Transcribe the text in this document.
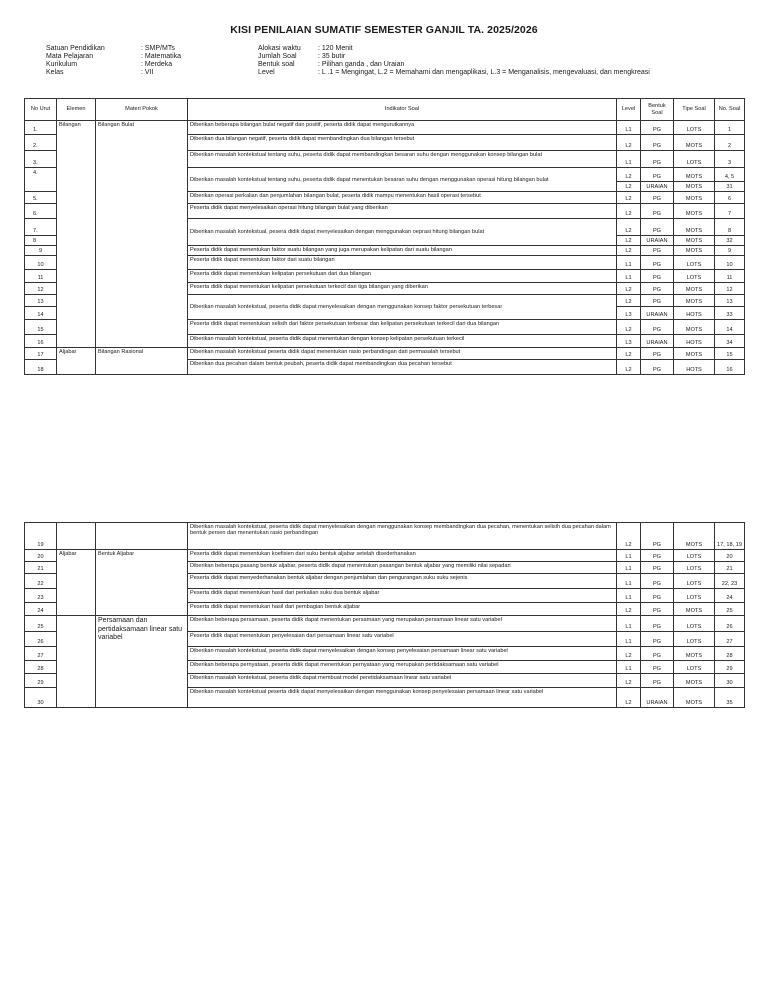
KISI PENILAIAN SUMATIF SEMESTER GANJIL TA. 2025/2026
Satuan Pendidikan	: SMP/MTs
Mata Pelajaran	: Matematika
Kurikulum	: Merdeka
Kelas	: VII
Alokasi waktu	: 120 Menit
Jumlah Soal	: 35 butir
Bentuk soal	: Pilihan ganda , dan Uraian
Level	: L .1 = Mengingat, L.2 = Memahami dan mengaplikasi, L.3 = Menganalisis, mengevaluasi, dan mengkreasi
No Urut	Elemen	Materi Pokok	Indikator Soal	Level	Bentuk Soal	Tipe Soal	No. Soal
1.	Bilangan	Bilangan Bulat	Diberikan beberapa bilangan bulat negatif dan positif, peserta didik dapat mengurutkannya	L1	PG	LOTS	1
2.			Diberikan dua bilangan negatif, peserta didik dapat membandingkan dua bilangan tersebut	L2	PG	MOTS	2
3.			Diberikan masalah kontekstual tentang suhu, peserta didik dapat membandingkan besaran suhu dengan menggunakan konsep bilangan bulat	L1	PG	LOTS	3
4.			Diberikan masalah kontekstual tentang suhu, peserta didik dapat menentukan besaran suhu dengan menggunakan operasi hitung bilangan bulat	L2	PG	MOTS	4, 5
				L2	URAIAN	MOTS	31
5.			Diberikan operasi perkalian dan penjumlahan bilangan bulat, peserta didik mampu menentukan hasil operasi tersebut	L2	PG	MOTS	6
6.			Peserta didik dapat menyelesaikan operasi hitung bilangan bulat yang diberikan	L2	PG	MOTS	7
7.			Diberikan masalah kontekstual, pesera didik dapat menyelesaikan dengan menggunakan oeprasi hitung bilangan bulat	L2	PG	MOTS	8
8				L2	URAIAN	MOTS	32
9			Peserta didik dapat menentukan faktor suatu bilangan yang juga merupakan kelipatan dari suatu bilangan	L2	PG	MOTS	9
10			Peserta didik dapat menentukan faktor dari suatu bilangan	L1	PG	LOTS	10
11			Peserta didik dapat menentukan kelipatan persekutuan dari dua bilangan	L1	PG	LOTS	11
12			Peserta didik dapat menentukan kelipatan persekutuan terkecil dari tiga bilangan yang diberikan	L2	PG	MOTS	12
13			Diberikan masalah kontekstual, peserta didik dapat menyelesaikan dengan menggunakan konsep faktor persekutuan terbesar	L2	PG	MOTS	13
14				L3	URAIAN	HOTS	33
15			Peserta didik dapat menentukan selisih dari faktor persekutuan terbesar dan kelipatan persekutuan terkecil dari dua bilangan	L2	PG	MOTS	14
16			Diberikan masalah kontekstual, peserta didik dapat menentukan dengan konsep kelipatan persekutuan terkecil	L3	URAIAN	HOTS	34
17	Aljabar	Bilangan Rasional	Diberikan masalah kontekstual peserta didik dapat menentukan rasio perbandingan dari permasalah tersebut	L2	PG	MOTS	15
18			Diberikan dua pecahan dalam bentuk peubah, peserta didik dapat membandingkan dua pecahan tersebut	L2	PG	HOTS	16
19			Diberikan masalah kontekstual, peserta didik dapat menyelesaikan dengan menggunakan konsep membandingkan dua pecahan, menentukan selisih dua pecahan dalam bentuk persen dan menentukan rasio perbandingan	L2	PG	MOTS	17, 18, 19
20	Aljabar	Bentuk Aljabar	Peserta didik dapat menentukan koefisien dari suku bentuk aljabar setelah disederhanakan	L1	PG	LOTS	20
21			Diberikan beberapa pasang bentuk aljabar, peserta didik dapat menentukan pasangan bentuk aljabar yang memiliki nilai sepadan	L1	PG	LOTS	21
22			Peserta didik dapat menyederhanakan bentuk aljabar dengan penjumlahan dan pengurangan suku suku sejenis	L1	PG	LOTS	22, 23
23			Peserta didik dapat menentukan hasil dari perkalian suku dua bentuk aljabar	L1	PG	LOTS	24
24			Peserta didik dapat menentukan hasil dari pembagian bentuk aljabar	L2	PG	MOTS	25
25		Persamaan dan pertidaksamaan linear satu variabel	Diberikan beberapa persamaan, peserta didik dapat menentukan persamaan yang merupakan persamaan linear satu variabel	L1	PG	LOTS	26
26			Peserta didik dapat menentukan penyelesaian dari persamaan linear satu variabel	L1	PG	LOTS	27
27			Diberikan masalah kontekstual, peserta didik dapat menyelesaikan dengan konsep penyelesaian persamaan linear satu variabel	L2	PG	MOTS	28
28			Diberikan beberapa pernyataan, peserta didik dapat menentukan pernyataan yang merupakan pertidaksamaan satu variabel	L1	PG	LOTS	29
29			Diberikan masalah kontekstual, peserta didik dapat membuat model peretidaksamaan linear satu variabel	L2	PG	MOTS	30
30			Diberikan masalah kontekstual peserta didik dapat menyelesaikan dengan menggunakan konsep penyelesaian persamaan linear satu variabel	L2	URAIAN	MOTS	35
